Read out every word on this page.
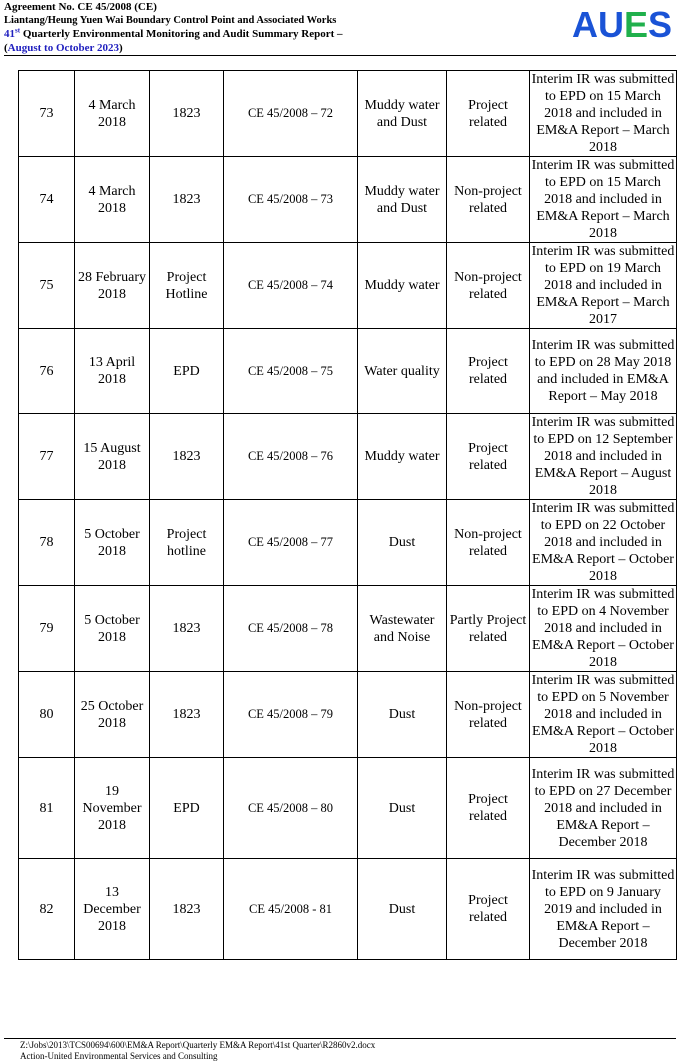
Agreement No. CE 45/2008 (CE)
Liantang/Heung Yuen Wai Boundary Control Point and Associated Works
41st Quarterly Environmental Monitoring and Audit Summary Report –
(August to October 2023)
AUES
73	4 March 2018	1823	CE 45/2008 – 72	Muddy water and Dust	Project related	Interim IR was submitted to EPD on 15 March 2018 and included in EM&A Report – March 2018
74	4 March 2018	1823	CE 45/2008 – 73	Muddy water and Dust	Non-project related	Interim IR was submitted to EPD on 15 March 2018 and included in EM&A Report – March 2018
75	28 February 2018	Project Hotline	CE 45/2008 – 74	Muddy water	Non-project related	Interim IR was submitted to EPD on 19 March 2018 and included in EM&A Report – March 2017
76	13 April 2018	EPD	CE 45/2008 – 75	Water quality	Project related	Interim IR was submitted to EPD on 28 May 2018 and included in EM&A Report – May 2018
77	15 August 2018	1823	CE 45/2008 – 76	Muddy water	Project related	Interim IR was submitted to EPD on 12 September 2018 and included in EM&A Report – August 2018
78	5 October 2018	Project hotline	CE 45/2008 – 77	Dust	Non-project related	Interim IR was submitted to EPD on 22 October 2018 and included in EM&A Report – October 2018
79	5 October 2018	1823	CE 45/2008 – 78	Wastewater and Noise	Partly Project related	Interim IR was submitted to EPD on 4 November 2018 and included in EM&A Report – October 2018
80	25 October 2018	1823	CE 45/2008 – 79	Dust	Non-project related	Interim IR was submitted to EPD on 5 November 2018 and included in EM&A Report – October 2018
81	19 November 2018	EPD	CE 45/2008 – 80	Dust	Project related	Interim IR was submitted to EPD on 27 December 2018 and included in EM&A Report – December 2018
82	13 December 2018	1823	CE 45/2008 - 81	Dust	Project related	Interim IR was submitted to EPD on 9 January 2019 and included in EM&A Report – December 2018
Z:\Jobs\2013\TCS00694\600\EM&A Report\Quarterly EM&A Report\41st Quarter\R2860v2.docx
Action-United Environmental Services and Consulting
